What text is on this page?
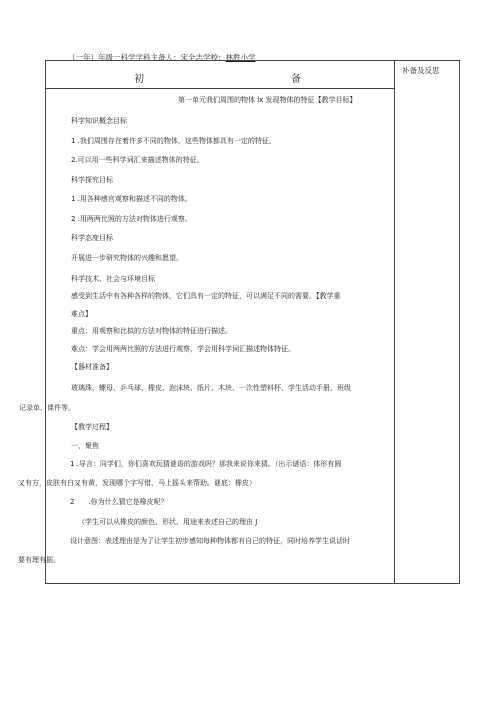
（一年）年级一科学学科主备人：宋全志学校：林胜小学
初	备
补备及反思
第一单元我们周围的物体 lx 发现物体的特征【教学目标】
科学知识概念目标
1 .我们周围存在着许多不同的物体，这些物体都具有一定的特征。
2.可以用一些科学词汇来描述物体的特征。
科学探究目标
1 .用各种感官观察和描述不同的物体。
2 .用两两比照的方法对物体进行观察。
科学态度目标
开展进一步研究物体的兴趣和愿望。
科学技术、社会与环境目标
感受到生活中有各种各样的物体，它们具有一定的特征，可以满足不同的需要。【教学重
难点】
重点：用观察和比拟的方法对物体的特征进行描述。
难点：学会用两两比照的方法进行观察，学会用科学词汇描述物体特征。
【器材准备】
玻璃珠、螺母、乒乓球、橡皮、泡沫块、纸片、木块、一次性塑料杯、学生活动手册、班级
记录单、课件等。
【教学过程】
一、聚焦
1 .导言：同学们，你们喜欢玩猜谜语的游戏吗？那我来说你来猜。（出示谜语：体形有圆
又有方，皮肤有白又有黄，发现哪个字写错，马上摇头来帮助。谜底：橡皮）
2　　.你为什么猜它是橡皮呢？
（学生可以从橡皮的颜色、形状、用途来表述自己的理由 J
设计意图：表述理由是为了让学生初步感知每种物体都有自己的特征，同时培养学生说话时
要有理有据。
